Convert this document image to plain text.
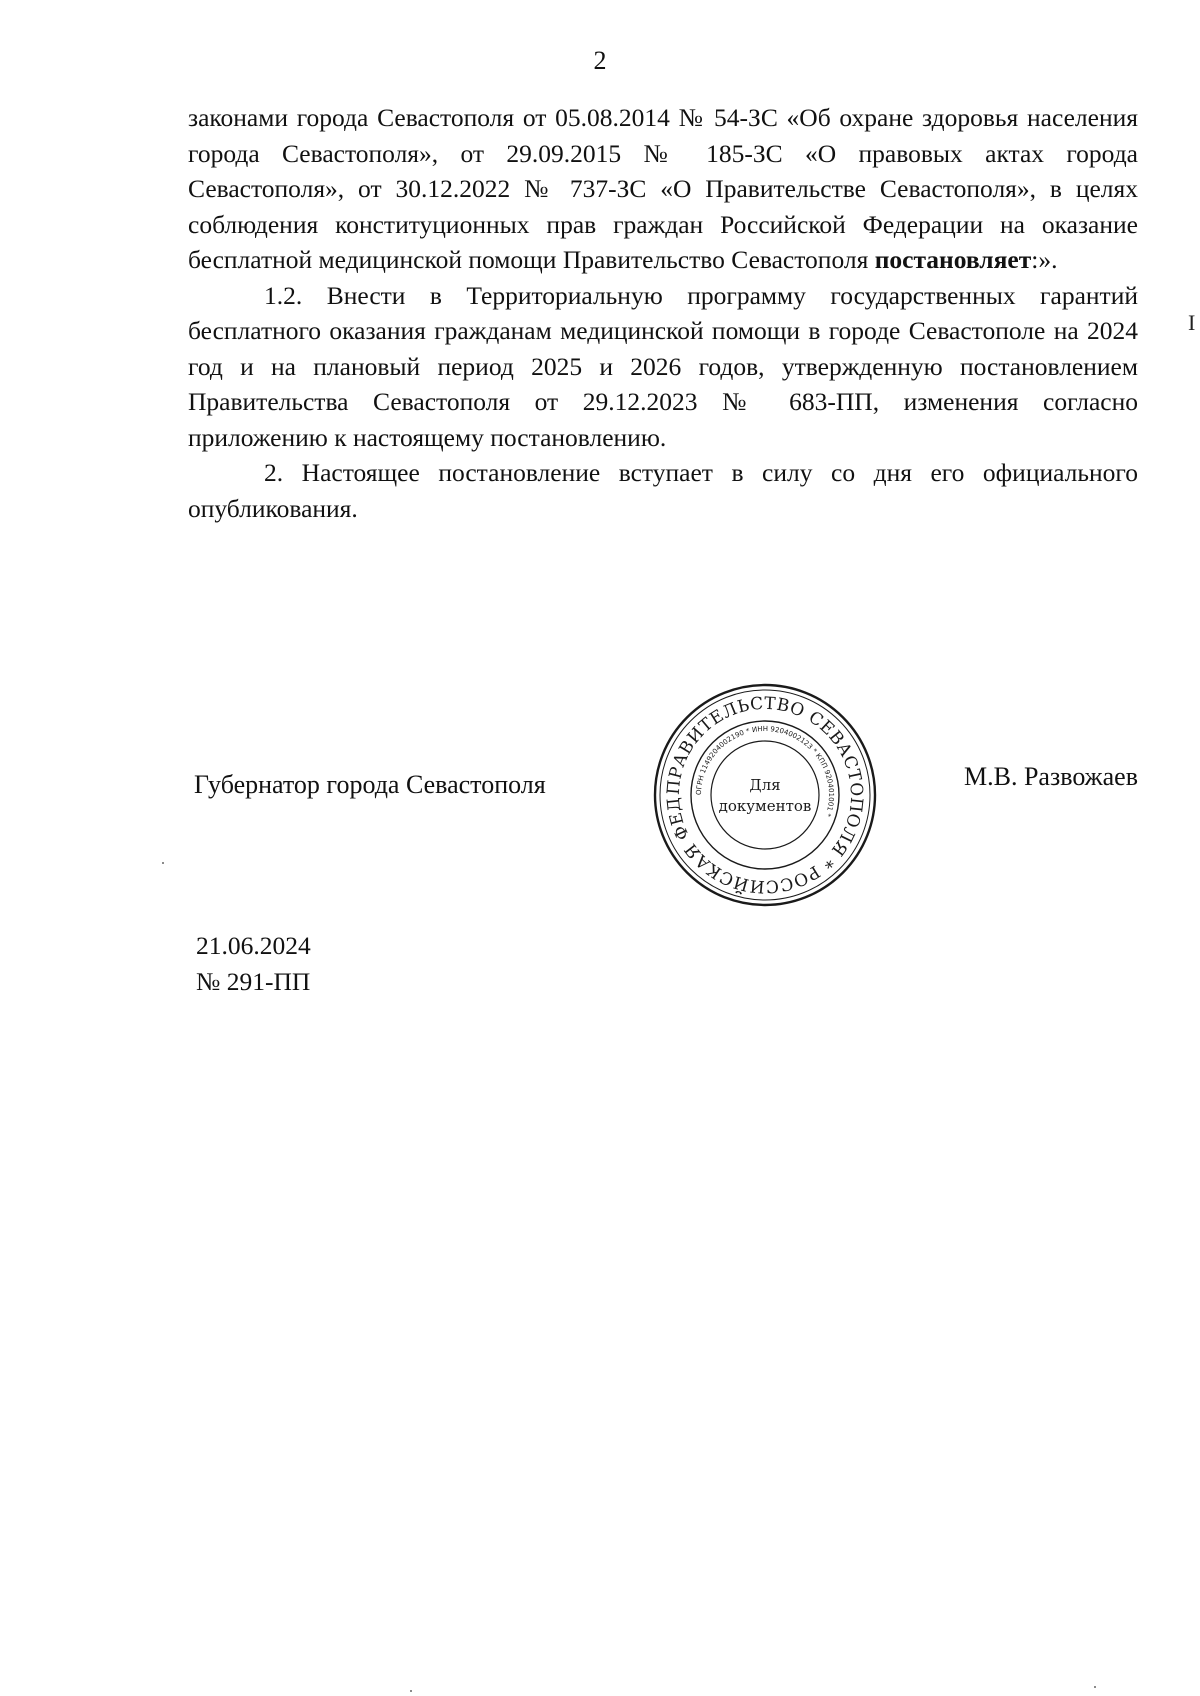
2

законами города Севастополя от 05.08.2014 № 54-ЗС «Об охране здоровья населения города Севастополя», от 29.09.2015 № 185-ЗС «О правовых актах города Севастополя», от 30.12.2022 № 737-ЗС «О Правительстве Севастополя», в целях соблюдения конституционных прав граждан Российской Федерации на оказание бесплатной медицинской помощи Правительство Севастополя постановляет:».

1.2. Внести в Территориальную программу государственных гарантий бесплатного оказания гражданам медицинской помощи в городе Севастополе на 2024 год и на плановый период 2025 и 2026 годов, утвержденную постановлением Правительства Севастополя от 29.12.2023 № 683-ПП, изменения согласно приложению к настоящему постановлению.

2. Настоящее постановление вступает в силу со дня его официального опубликования.

I
Губернатор города Севастополя	М.В. Развожаев
ПРАВИТЕЛЬСТВО СЕВАСТОПОЛЯ * РОССИЙСКАЯ ФЕД
ОГРН 1149204002190 * ИНН 9204002123 * КПП 920401001 *
Для
документов
21.06.2024
№ 291-ПП
